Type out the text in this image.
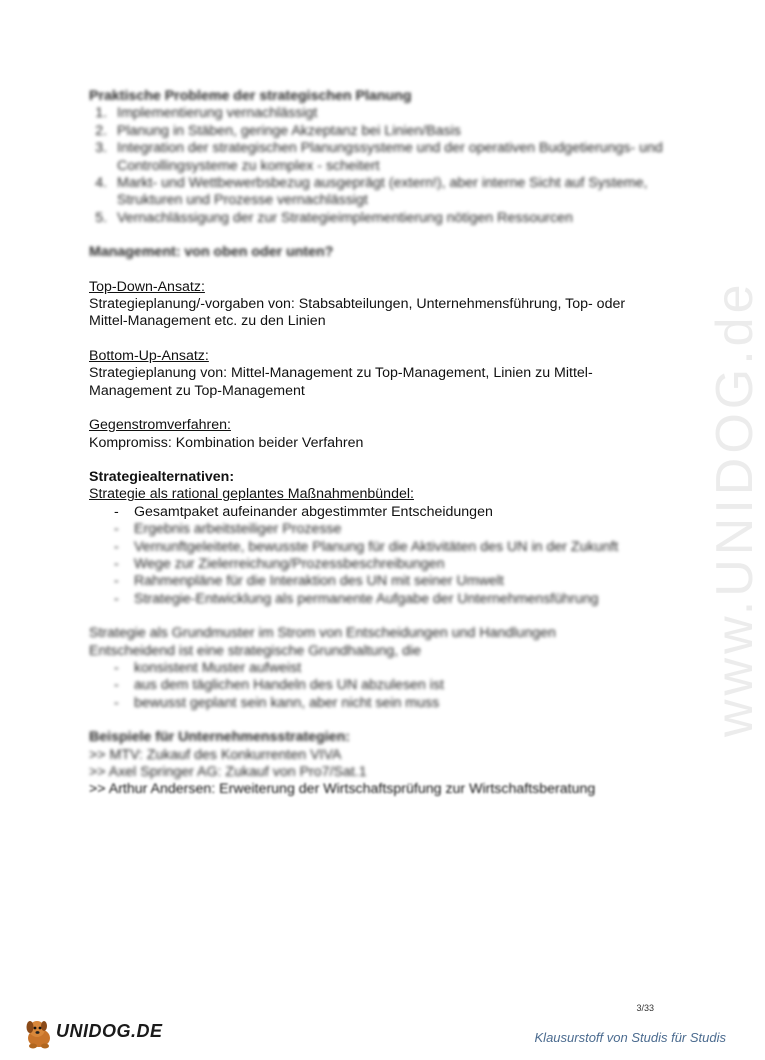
www.UNIDOG.de
Praktische Probleme der strategischen Planung
1. Implementierung vernachlässigt
2. Planung in Stäben, geringe Akzeptanz bei Linien/Basis
3. Integration der strategischen Planungssysteme und der operativen Budgetierungs- und Controllingsysteme zu komplex - scheitert
4. Markt- und Wettbewerbsbezug ausgeprägt (extern!), aber interne Sicht auf Systeme, Strukturen und Prozesse vernachlässigt
5. Vernachlässigung der zur Strategieimplementierung nötigen Ressourcen
Management: von oben oder unten?
Top-Down-Ansatz:
Strategieplanung/-vorgaben von: Stabsabteilungen, Unternehmensführung, Top- oder Mittel-Management etc. zu den Linien
Bottom-Up-Ansatz:
Strategieplanung von: Mittel-Management zu Top-Management, Linien zu Mittel-Management zu Top-Management
Gegenstromverfahren:
Kompromiss: Kombination beider Verfahren
Strategiealternativen:
Strategie als rational geplantes Maßnahmenbündel:
- Gesamtpaket aufeinander abgestimmter Entscheidungen
- Ergebnis arbeitsteiliger Prozesse
- Vernunftgeleitete, bewusste Planung für die Aktivitäten des UN in der Zukunft
- Wege zur Zielerreichung/Prozessbeschreibungen
- Rahmenpläne für die Interaktion des UN mit seiner Umwelt
- Strategie-Entwicklung als permanente Aufgabe der Unternehmensführung
Strategie als Grundmuster im Strom von Entscheidungen und Handlungen
Entscheidend ist eine strategische Grundhaltung, die
- konsistent Muster aufweist
- aus dem täglichen Handeln des UN abzulesen ist
- bewusst geplant sein kann, aber nicht sein muss
Beispiele für Unternehmensstrategien:
>> MTV: Zukauf des Konkurrenten VIVA
>> Axel Springer AG: Zukauf von Pro7/Sat.1
>> Arthur Andersen: Erweiterung der Wirtschaftsprüfung zur Wirtschaftsberatung
3/33
UNIDOG.DE	Klausurstoff von Studis für Studis
